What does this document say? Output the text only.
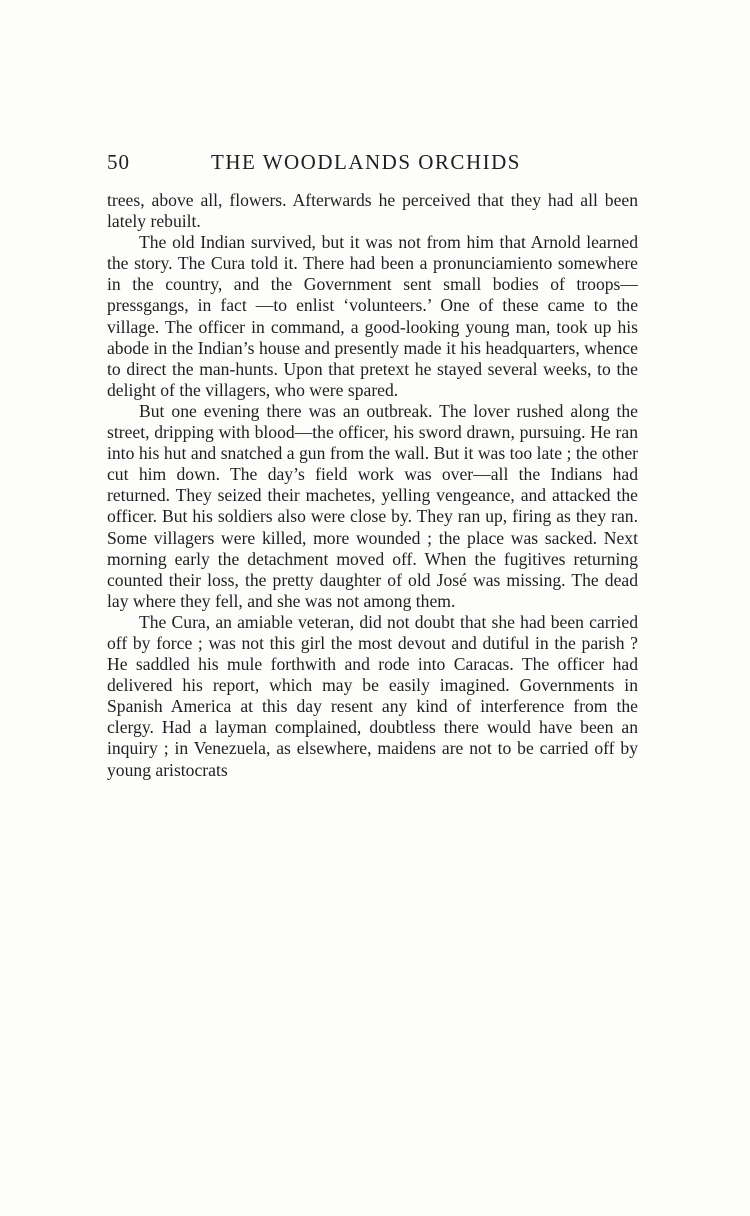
50	THE WOODLANDS ORCHIDS

trees, above all, flowers. Afterwards he perceived that they had all been lately rebuilt.

The old Indian survived, but it was not from him that Arnold learned the story. The Cura told it. There had been a pronunciamiento somewhere in the country, and the Government sent small bodies of troops—pressgangs, in fact —to enlist ‘volunteers.’ One of these came to the village. The officer in command, a good-looking young man, took up his abode in the Indian’s house and presently made it his headquarters, whence to direct the man-hunts. Upon that pretext he stayed several weeks, to the delight of the villagers, who were spared.

But one evening there was an outbreak. The lover rushed along the street, dripping with blood—the officer, his sword drawn, pursuing. He ran into his hut and snatched a gun from the wall. But it was too late ; the other cut him down. The day’s field work was over—all the Indians had returned. They seized their machetes, yelling vengeance, and attacked the officer. But his soldiers also were close by. They ran up, firing as they ran. Some villagers were killed, more wounded ; the place was sacked. Next morning early the detachment moved off. When the fugitives returning counted their loss, the pretty daughter of old José was missing. The dead lay where they fell, and she was not among them.

The Cura, an amiable veteran, did not doubt that she had been carried off by force ; was not this girl the most devout and dutiful in the parish ? He saddled his mule forthwith and rode into Caracas. The officer had delivered his report, which may be easily imagined. Governments in Spanish America at this day resent any kind of interference from the clergy. Had a layman complained, doubtless there would have been an inquiry ; in Venezuela, as elsewhere, maidens are not to be carried off by young aristocrats
